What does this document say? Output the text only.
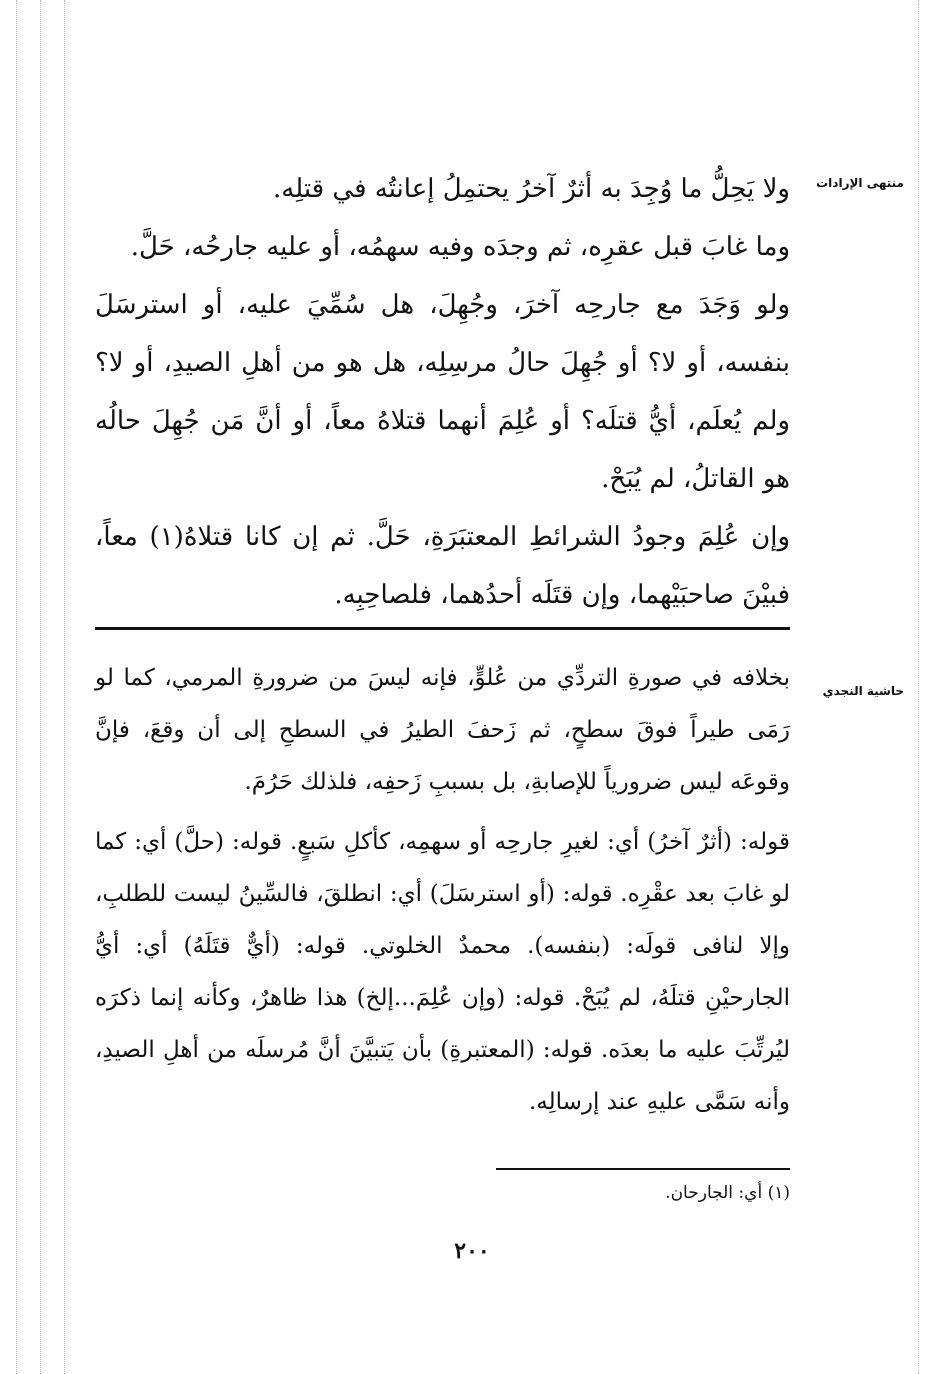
منتهى الإرادات

ولا يَحِلُّ ما وُجِدَ به أثرٌ آخرُ يحتمِلُ إعانتُه في قتلِه.

وما غابَ قبل عقرِه، ثم وجدَه وفيه سهمُه، أو عليه جارحُه، حَلَّ.

ولو وَجَدَ مع جارحِه آخرَ، وجُهِلَ، هل سُمِّيَ عليه، أو استرسَلَ بنفسه، أو لا؟ أو جُهِلَ حالُ مرسِلِه، هل هو من أهلِ الصيدِ، أو لا؟ ولم يُعلَم، أيُّ قتلَه؟ أو عُلِمَ أنهما قتلاهُ معاً، أو أنَّ مَن جُهِلَ حالُه هو القاتلُ، لم يُبَحْ.

وإن عُلِمَ وجودُ الشرائطِ المعتبَرَةِ، حَلَّ. ثم إن كانا قتلاهُ(١) معاً، فبيْنَ صاحبَيْهما، وإن قتَلَه أحدُهما، فلصاحِبِه.

حاشية النجدي

بخلافه في صورةِ التردِّي من عُلوٍّ، فإنه ليسَ من ضرورةِ المرمي، كما لو رَمَى طيراً فوقَ سطحٍ، ثم زَحفَ الطيرُ في السطحِ إلى أن وقعَ، فإنَّ وقوعَه ليس ضرورياً للإصابةِ، بل بسببِ زَحفِه، فلذلك حَرُمَ.

قوله: (أثرٌ آخرُ) أي: لغيرِ جارحِه أو سهمِه، كأكلِ سَبعٍ. قوله: (حلَّ) أي: كما لو غابَ بعد عقْرِه. قوله: (أو استرسَلَ) أي: انطلقَ، فالسِّينُ ليست للطلبِ، وإلا لنافى قولَه: (بنفسه). محمدٌ الخلوتي. قوله: (أيٌّ قتَلَهُ) أي: أيُّ الجارحيْنِ قتلَهُ، لم يُبَحْ. قوله: (وإن عُلِمَ...إلخ) هذا ظاهرٌ، وكأنه إنما ذكرَه ليُرتِّبَ عليه ما بعدَه. قوله: (المعتبرةِ) بأن يَتبيَّنَ أنَّ مُرسلَه من أهلِ الصيدِ، وأنه سَمَّى عليهِ عند إرسالِه.

(١) أي: الجارحان.
٢٠٠
